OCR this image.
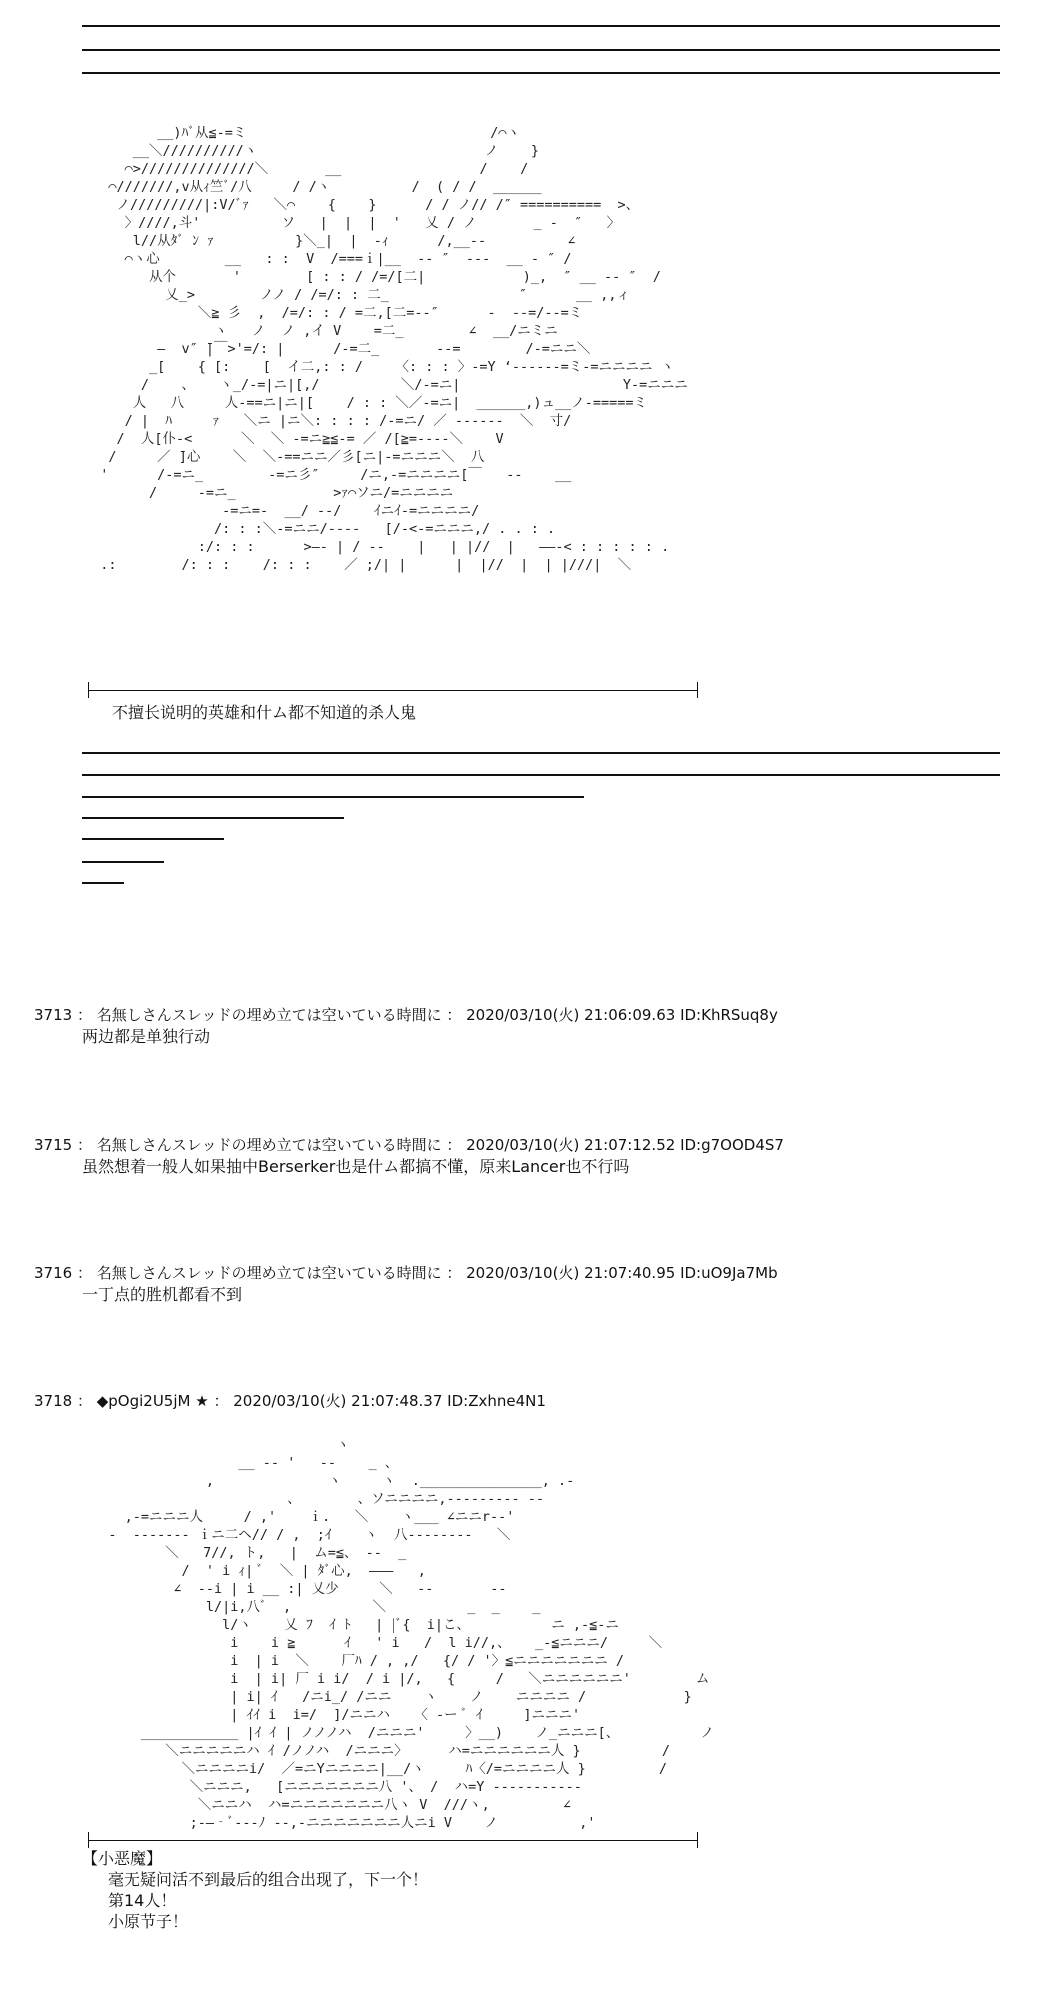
__)ﾊﾞ从≦-=ミ                              /⌒ヽ
__＼//////////ヽ                            ノ    }
⌒>//////////////＼       __                 /    /
⌒///////,v从ｨ竺ﾞ/八     / /ヽ          /  ( / /  ______
ノ/////////|:V/ﾞｧ   ＼⌒    {    }      / / ノ// /″ ==========  >、
〉////,斗'          ソ   |  |  |  '   乂 / ノ       _ -  ″   〉
l//从ﾀﾞ ﾝ ｧ          }＼_|  |  -ｨ      /,__--          ∠
⌒ヽ心        __   : :  V  /===ｉ|__  -- ″  ---  __ - ″ /
从个       '        [ : : / /=/[二|            )_,  ″ __ -- ″  /
乂_>        ノノ / /=/: : 二_                ″      __ ,,ィ
＼≧ 彡  ,  /=/: : / =二,[二=-‐″      -  --=/--=ミ
ヽ   ノ  ノ ,イ V    =二_        ∠  __/ニミニ
―  v″ ̄|￣>'=/: |      /-=二_       --=        /-=ニニ＼
_[    { [:    [  イ二,: : /    〈: : : 〉-=Y ‘‐‐‐‐‐‐=ミ-=ニニニニ ヽ
/    、   ヽ_/-=|ニ|[,/          ＼/-=ニ|                    Y-=ニニニ
人   八     人-==ニ|ニ|[    / : : ＼／-=ニ|  ______,)ュ__ノ-=====ミ
/ |  ﾊ     ｧ   ＼ニ |ニ＼: : : : /-=ニ/ ／ ‐‐‐‐‐‐  ＼  寸/
/  人[仆-<      ＼  ＼ -=ニ≧≦-= ／ /[≧=-‐‐‐＼    V
/     ／ ̄]心    ＼  ＼-==ニニ／彡[ニ|-=ニニニ＼  八
'      /-=ニ_        -=ニ彡″     /ニ,-=ニニニニ[￣   ‐‐    __
/     -=ニ_            >ｧ⌒ソニ/=ニニニニ
-=ニ=-  __/ ‐‐/    ｲニｲ-=ニニニニ/
/: : :＼-=ニニ/‐‐‐‐   [/-<-=ニニニ,/ . . : .
:/: : :      >―‐ | / ‐‐    |   | |//  |   ――‐< : : : : : .
.:        /: : :    /: : :    ／ ;/| |      |  |//  |  | |///|  ＼
不擅长说明的英雄和什ム都不知道的杀人鬼
3713 ： 名無しさんスレッドの埋め立ては空いている時間に ： 2020/03/10(火) 21:06:09.63 ID:KhRSuq8y
两边都是单独行动
3715 ： 名無しさんスレッドの埋め立ては空いている時間に ： 2020/03/10(火) 21:07:12.52 ID:g7OOD4S7
虽然想着一般人如果抽中Berserker也是什ム都搞不懂，原来Lancer也不行吗
3716 ： 名無しさんスレッドの埋め立ては空いている時間に ： 2020/03/10(火) 21:07:40.95 ID:uO9Ja7Mb
一丁点的胜机都看不到
3718 ： ◆pOgi2U5jM ★ ： 2020/03/10(火) 21:07:48.37 ID:Zxhne4N1
ヽ
__ -‐ '   --    _ 、
,              ヽ     ヽ  ._______________, .-
、       、ソニニニニ,--------‐ ‐‐
,-=ニニニ人     / ,'    ｉ.   ＼    ヽ___ ∠ニニr‐‐'
-  ‐‐‐‐‐‐‐ ｉニ二ヘ// / ,  ;ｲ    ヽ  八‐‐‐‐‐‐‐‐   ＼
＼   7//, ト,   |  ム=≦、 --  _
/  ' i ｨ| ﾞ  ＼ | ﾀﾞ心,  ―――   ,
∠  --i | i __ :| 乂少     ＼   ‐‐       --
l/|i,八ﾞ  ,          ＼          _  _    _
l/ヽ    乂 ﾌ  ｲ ﾄ   | |ﾞ{  i|こ、          ニ ,-≦-ニ
i    i ≧      ｲ   ' i   /  l i//,、   _-≦ニニニ/     ＼
i  | i  ＼    厂ﾊ / , ,/   {/ / '〉≦ニニニニニニニ /
i  | i| 厂 i i/  / i |/,   {     /   ＼ニニニニニニ'        ム
| i| ｲ   /ニi_/ /ニニ    ヽ    ノ    ニニニニ /            }
| ｲｲ i  i=/  ]/ニニハ   〈 ‐ー ﾞ ｲ     ]ニニニ'
____________ |ｲ ｲ | ノノノハ  /ニニニ'     〉__)    ノ_ニニニ[、          ノ
＼ニニニニニハ ｲ /ノノハ  /ニニニ〉     ハ=ニニニニニニ人 }          /
＼ニニニニi/  ／=ニYニニニニ|__/ヽ     ﾊ〈/=ニニニニ人 }         /
＼ニニニ,   [ニニニニニニニ八 '、 /  ハ=Y ‐‐‐‐‐‐‐‐‐‐‐
＼ニニハ  ハ=ニニニニニニニ八ヽ V  ///ヽ,         ∠
;-―‐ﾞ-‐-ﾉ -‐,-ニニニニニニニ人ニi V    ノ          ,'
【小恶魔】
毫无疑问活不到最后的组合出现了，下一个！
第14人！
小原节子！
